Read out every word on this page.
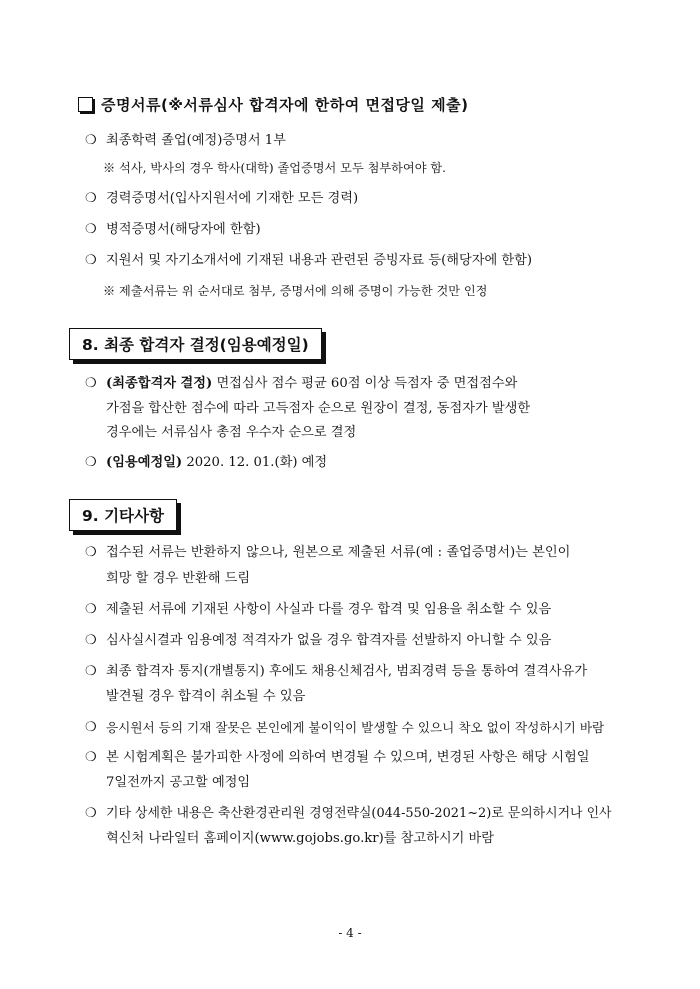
증명서류(※서류심사 합격자에 한하여 면접당일 제출)
❍ 최종학력 졸업(예정)증명서 1부
※ 석사, 박사의 경우 학사(대학) 졸업증명서 모두 첨부하여야 함.
❍ 경력증명서(입사지원서에 기재한 모든 경력)
❍ 병적증명서(해당자에 한함)
❍ 지원서 및 자기소개서에 기재된 내용과 관련된 증빙자료 등(해당자에 한함)
※ 제출서류는 위 순서대로 첨부, 증명서에 의해 증명이 가능한 것만 인정
8. 최종 합격자 결정(임용예정일)
❍ (최종합격자 결정) 면접심사 점수 평균 60점 이상 득점자 중 면접점수와
가점을 합산한 점수에 따라 고득점자 순으로 원장이 결정, 동점자가 발생한
경우에는 서류심사 총점 우수자 순으로 결정
❍ (임용예정일) 2020. 12. 01.(화) 예정
9. 기타사항
❍ 접수된 서류는 반환하지 않으나, 원본으로 제출된 서류(예 : 졸업증명서)는 본인이
희망 할 경우 반환해 드림
❍ 제출된 서류에 기재된 사항이 사실과 다를 경우 합격 및 임용을 취소할 수 있음
❍ 심사실시결과 임용예정 적격자가 없을 경우 합격자를 선발하지 아니할 수 있음
❍ 최종 합격자 통지(개별통지) 후에도 채용신체검사, 범죄경력 등을 통하여 결격사유가
발견될 경우 합격이 취소될 수 있음
❍ 응시원서 등의 기재 잘못은 본인에게 불이익이 발생할 수 있으니 착오 없이 작성하시기 바람
❍ 본 시험계획은 불가피한 사정에 의하여 변경될 수 있으며, 변경된 사항은 해당 시험일
7일전까지 공고할 예정임
❍ 기타 상세한 내용은 축산환경관리원 경영전략실(044-550-2021~2)로 문의하시거나 인사
혁신처 나라일터 홈페이지(www.gojobs.go.kr)를 참고하시기 바람
- 4 -
